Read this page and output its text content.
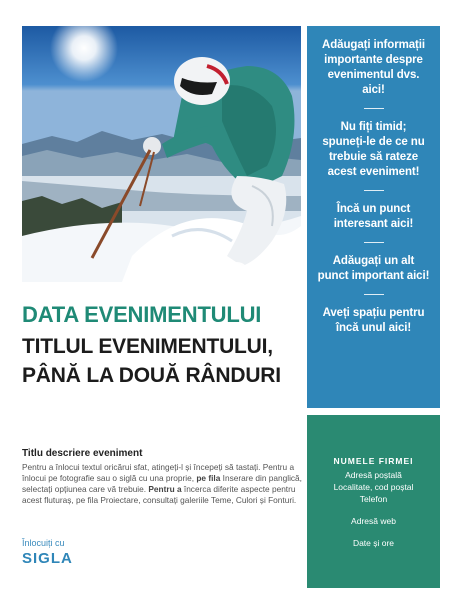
Adăugați informații importante despre evenimentul dvs. aici!
Nu fiți timid; spuneți-le de ce nu trebuie să rateze acest eveniment!
Încă un punct interesant aici!
Adăugați un alt punct important aici!
Aveți spațiu pentru încă unul aici!
NUMELE FIRMEI
Adresă poștală
Localitate, cod poștal
Telefon
Adresă web
Date și ore
DATA EVENIMENTULUI
TITLUL EVENIMENTULUI, PÂNĂ LA DOUĂ RÂNDURI
Titlu descriere eveniment
Pentru a înlocui textul oricărui sfat, atingeți-l și începeți să tastați. Pentru a înlocui pe fotografie sau o siglă cu una proprie, pe fila Inserare din panglică, selectați opțiunea care vă trebuie. Pentru a încerca diferite aspecte pentru acest fluturaș, pe fila Proiectare, consultați galeriile Teme, Culori și Fonturi.
Înlocuiți cu
SIGLA
